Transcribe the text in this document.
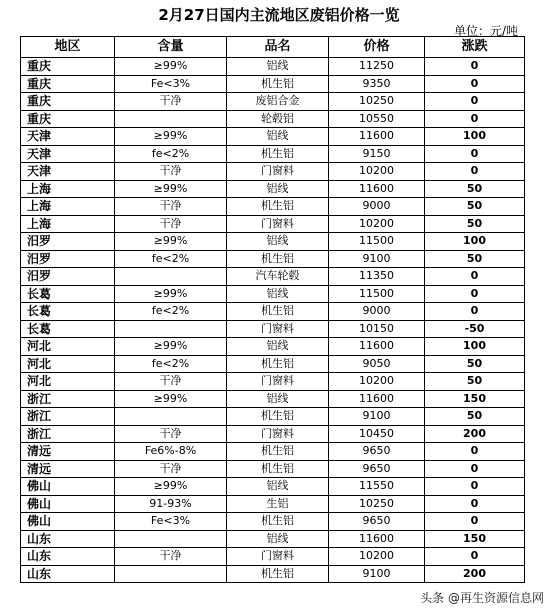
2月27日国内主流地区废铝价格一览
单位：元/吨
地区	含量	品名	价格	涨跌
重庆	≥99%	铝线	11250	0
重庆	Fe<3%	机生铝	9350	0
重庆	干净	废铝合金	10250	0
重庆		轮毂铝	10550	0
天津	≥99%	铝线	11600	100
天津	fe<2%	机生铝	9150	0
天津	干净	门窗料	10200	0
上海	≥99%	铝线	11600	50
上海	干净	机生铝	9000	50
上海	干净	门窗料	10200	50
汨罗	≥99%	铝线	11500	100
汨罗	fe<2%	机生铝	9100	50
汨罗		汽车轮毂	11350	0
长葛	≥99%	铝线	11500	0
长葛	fe<2%	机生铝	9000	0
长葛		门窗料	10150	-50
河北	≥99%	铝线	11600	100
河北	fe<2%	机生铝	9050	50
河北	干净	门窗料	10200	50
浙江	≥99%	铝线	11600	150
浙江		机生铝	9100	50
浙江	干净	门窗料	10450	200
清远	Fe6%-8%	机生铝	9650	0
清远	干净	机生铝	9650	0
佛山	≥99%	铝线	11550	0
佛山	91-93%	生铝	10250	0
佛山	Fe<3%	机生铝	9650	0
山东		铝线	11600	150
山东	干净	门窗料	10200	0
山东		机生铝	9100	200
头条 @再生资源信息网
